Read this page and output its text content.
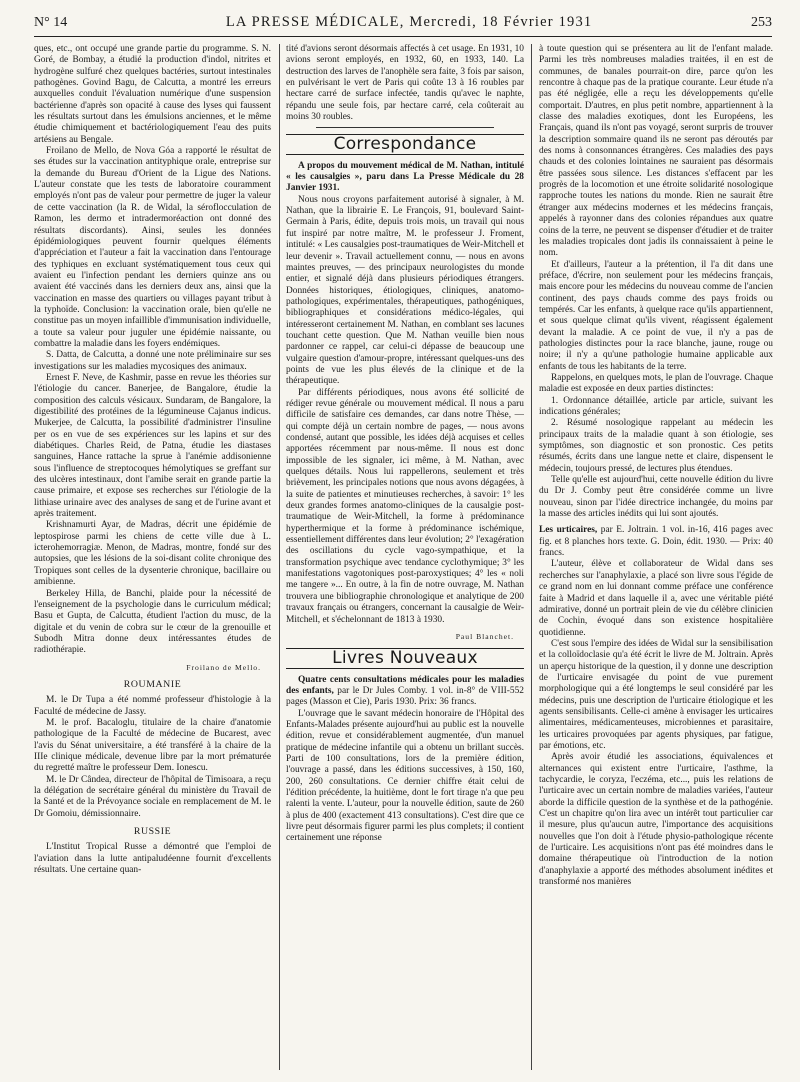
N° 14	LA PRESSE MÉDICALE, Mercredi, 18 Février 1931	253

ques, etc., ont occupé une grande partie du programme. S. N. Goré, de Bombay, a étudié la production d'indol, nitrites et hydrogène sulfuré chez quelques bactéries, surtout intestinales pathogènes. Govind Bagu, de Calcutta, a montré les erreurs auxquelles conduit l'évaluation numérique d'une suspension bactérienne d'après son opacité à cause des lyses qui faussent les résultats surtout dans les émulsions anciennes, et le même étudie chimiquement et bactériologiquement l'eau des puits artésiens au Bengale.

Froilano de Mello, de Nova Góa a rapporté le résultat de ses études sur la vaccination antityphique orale, entreprise sur la demande du Bureau d'Orient de la Ligue des Nations. L'auteur constate que les tests de laboratoire couramment employés n'ont pas de valeur pour permettre de juger la valeur de cette vaccination (la R. de Widal, la séroflocculation de Ramon, les dermo et intradermoréaction ont donné des résultats discordants). Ainsi, seules les données épidémiologiques peuvent fournir quelques éléments d'appréciation et l'auteur a fait la vaccination dans l'entourage des typhiques en excluant systématiquement tous ceux qui avaient eu l'infection pendant les derniers quinze ans ou avaient été vaccinés dans les derniers deux ans, ainsi que la vaccination en masse des quartiers ou villages payant tribut à la typhoïde. Conclusion: la vaccination orale, bien qu'elle ne constitue pas un moyen infaillible d'immunisation individuelle, a toute sa valeur pour juguler une épidémie naissante, ou combattre la maladie dans les foyers endémiques.

S. Datta, de Calcutta, a donné une note préliminaire sur ses investigations sur les maladies mycosiques des animaux.

Ernest F. Neve, de Kashmir, passe en revue les théories sur l'étiologie du cancer. Banerjee, de Bangalore, étudie la composition des calculs vésicaux. Sundaram, de Bangalore, la digestibilité des protéines de la légumineuse Cajanus indicus. Mukerjee, de Calcutta, la possibilité d'administrer l'insuline per os en vue de ses expériences sur les lapins et sur des diabétiques. Charles Reid, de Patna, étudie les diastases sanguines, Hance rattache la sprue à l'anémie addisonienne sous l'influence de streptocoques hémolytiques se greffant sur des ulcères intestinaux, dont l'amibe serait en grande partie la cause primaire, et expose ses recherches sur l'étiologie de la lithiase urinaire avec des analyses de sang et de l'urine avant et après traitement.

Krishnamurti Ayar, de Madras, décrit une épidémie de leptospirose parmi les chiens de cette ville due à L. icterohemorragiæ. Menon, de Madras, montre, fondé sur des autopsies, que les lésions de la soi-disant colite chronique des Tropiques sont celles de la dysenterie chronique, bacillaire ou amibienne.

Berkeley Hilla, de Banchi, plaide pour la nécessité de l'enseignement de la psychologie dans le curriculum médical; Basu et Gupta, de Calcutta, étudient l'action du musc, de la digitale et du venin de cobra sur le cœur de la grenouille et Subodh Mitra donne deux intéressantes études de radiothérapie.

Froilano de Mello.
ROUMANIE

M. le Dr Tupa a été nommé professeur d'histologie à la Faculté de médecine de Jassy.

M. le prof. Bacaloglu, titulaire de la chaire d'anatomie pathologique de la Faculté de médecine de Bucarest, avec l'avis du Sénat universitaire, a été transféré à la chaire de la IIIe clinique médicale, devenue libre par la mort prématurée du regretté maître le professeur Dem. Ionescu.

M. le Dr Cândea, directeur de l'hôpital de Timisoara, a reçu la délégation de secrétaire général du ministère du Travail de la Santé et de la Prévoyance sociale en remplacement de M. le Dr Gomoiu, démissionnaire.

RUSSIE

L'Institut Tropical Russe a démontré que l'emploi de l'aviation dans la lutte antipaludéenne fournit d'excellents résultats. Une certaine quan-

tité d'avions seront désormais affectés à cet usage. En 1931, 10 avions seront employés, en 1932, 60, en 1933, 140. La destruction des larves de l'anophèle sera faite, 3 fois par saison, en pulvérisant le vert de Paris qui coûte 13 à 16 roubles par hectare carré de surface infectée, tandis qu'avec le naphte, répandu une seule fois, par hectare carré, cela coûterait au moins 30 roubles.

Correspondance

A propos du mouvement médical de M. Nathan, intitulé « les causalgies », paru dans La Presse Médicale du 28 Janvier 1931.

Nous nous croyons parfaitement autorisé à signaler, à M. Nathan, que la librairie E. Le François, 91, boulevard Saint-Germain à Paris, édite, depuis trois mois, un travail qui nous fut inspiré par notre maître, M. le professeur J. Froment, intitulé: « Les causalgies post-traumatiques de Weir-Mitchell et leur devenir ». Travail actuellement connu, — nous en avons maintes preuves, — des principaux neurologistes du monde entier, et signalé déjà dans plusieurs périodiques étrangers. Données historiques, étiologiques, cliniques, anatomo-pathologiques, expérimentales, thérapeutiques, pathogéniques, bibliographiques et considérations médico-légales, qui intéresseront certainement M. Nathan, en comblant ses lacunes touchant cette question. Que M. Nathan veuille bien nous pardonner ce rappel, car celui-ci dépasse de beaucoup une vulgaire question d'amour-propre, intéressant quelques-uns des points de vue les plus élevés de la clinique et de la thérapeutique.

Par différents périodiques, nous avons été sollicité de rédiger revue générale ou mouvement médical. Il nous a paru difficile de satisfaire ces demandes, car dans notre Thèse, — qui compte déjà un certain nombre de pages, — nous avons condensé, autant que possible, les idées déjà acquises et celles apportées récemment par nous-même. Il nous est donc impossible de les signaler, ici même, à M. Nathan, avec quelques détails. Nous lui rappellerons, seulement et très brièvement, les principales notions que nous avons dégagées, à la suite de patientes et minutieuses recherches, à savoir: 1° les deux grandes formes anatomo-cliniques de la causalgie post-traumatique de Weir-Mitchell, la forme à prédominance hyperthermique et la forme à prédominance ischémique, essentiellement différentes dans leur évolution; 2° l'exagération des oscillations du cycle vago-sympathique, et la transformation psychique avec tendance cyclothymique; 3° les manifestations vagotoniques post-paroxystiques; 4° les « noli me tangere »... En outre, à la fin de notre ouvrage, M. Nathan trouvera une bibliographie chronologique et analytique de 200 travaux français ou étrangers, concernant la causalgie de Weir-Mitchell, et s'échelonnant de 1813 à 1930.

Paul Blanchet.
Livres Nouveaux

Quatre cents consultations médicales pour les maladies des enfants, par le Dr Jules Comby. 1 vol. in-8° de VIII-552 pages (Masson et Cie), Paris 1930. Prix: 36 francs.

L'ouvrage que le savant médecin honoraire de l'Hôpital des Enfants-Malades présente aujourd'hui au public est la nouvelle édition, revue et considérablement augmentée, d'un manuel pratique de médecine infantile qui a obtenu un brillant succès. Parti de 100 consultations, lors de la première édition, l'ouvrage a passé, dans les éditions successives, à 150, 160, 200, 260 consultations. Ce dernier chiffre était celui de l'édition précédente, la huitième, dont le fort tirage n'a que peu ralenti la vente. L'auteur, pour la nouvelle édition, saute de 260 à plus de 400 (exactement 413 consultations). C'est dire que ce livre peut désormais figurer parmi les plus complets; il contient certainement une réponse

à toute question qui se présentera au lit de l'enfant malade. Parmi les très nombreuses maladies traitées, il en est de communes, de banales pourrait-on dire, parce qu'on les rencontre à chaque pas de la pratique courante. Leur étude n'a pas été négligée, elle a reçu les développements qu'elle comportait. D'autres, en plus petit nombre, appartiennent à la classe des maladies exotiques, dont les Européens, les Français, quand ils n'ont pas voyagé, seront surpris de trouver la description sommaire quand ils ne seront pas déroutés par des noms à consonnances étrangères. Ces maladies des pays chauds et des colonies lointaines ne sauraient pas désormais être passées sous silence. Les distances s'effacent par les progrès de la locomotion et une étroite solidarité nosologique rapproche toutes les nations du monde. Rien ne saurait être étranger aux médecins modernes et les médecins français, appelés à rayonner dans des colonies répandues aux quatre coins de la terre, ne peuvent se dispenser d'étudier et de traiter les maladies tropicales dont jadis ils connaissaient à peine le nom.

Et d'ailleurs, l'auteur a la prétention, il l'a dit dans une préface, d'écrire, non seulement pour les médecins français, mais encore pour les médecins du nouveau comme de l'ancien continent, des pays chauds comme des pays froids ou tempérés. Car les enfants, à quelque race qu'ils appartiennent, et sous quelque climat qu'ils vivent, réagissent également devant la maladie. A ce point de vue, il n'y a pas de pathologies distinctes pour la race blanche, jaune, rouge ou noire; il n'y a qu'une pathologie humaine applicable aux enfants de tous les habitants de la terre.

Rappelons, en quelques mots, le plan de l'ouvrage. Chaque maladie est exposée en deux parties distinctes:

1. Ordonnance détaillée, article par article, suivant les indications générales;

2. Résumé nosologique rappelant au médecin les principaux traits de la maladie quant à son étiologie, ses symptômes, son diagnostic et son pronostic. Ces petits résumés, écrits dans une langue nette et claire, dispensent le médecin, toujours pressé, de lectures plus étendues.

Telle qu'elle est aujourd'hui, cette nouvelle édition du livre du Dr J. Comby peut être considérée comme un livre nouveau, sinon par l'idée directrice inchangée, du moins par la masse des articles inédits qui lui sont ajoutés.

Les urticaires, par E. Joltrain. 1 vol. in-16, 416 pages avec fig. et 8 planches hors texte. G. Doin, édit. 1930. — Prix: 40 francs.

L'auteur, élève et collaborateur de Widal dans ses recherches sur l'anaphylaxie, a placé son livre sous l'égide de ce grand nom en lui donnant comme préface une conférence faite à Madrid et dans laquelle il a, avec une véritable piété admirative, donné un portrait plein de vie du célèbre clinicien de Cochin, évoqué dans son existence hospitalière quotidienne.

C'est sous l'empire des idées de Widal sur la sensibilisation et la colloïdoclasie qu'a été écrit le livre de M. Joltrain. Après un aperçu historique de la question, il y donne une description de l'urticaire envisagée du point de vue purement morphologique qui a été longtemps le seul considéré par les médecins, puis une description de l'urticaire étiologique et les agents sensibilisants. Celle-ci amène à envisager les urticaires alimentaires, médicamenteuses, microbiennes et parasitaire, les urticaires provoquées par agents physiques, par fatigue, par émotions, etc.

Après avoir étudié les associations, équivalences et alternances qui existent entre l'urticaire, l'asthme, la tachycardie, le coryza, l'eczéma, etc..., puis les relations de l'urticaire avec un certain nombre de maladies variées, l'auteur aborde la difficile question de la synthèse et de la pathogénie. C'est un chapitre qu'on lira avec un intérêt tout particulier car il mesure, plus qu'aucun autre, l'importance des acquisitions nouvelles que l'on doit à l'étude physio-pathologique récente de l'urticaire. Les acquisitions n'ont pas été moindres dans le domaine thérapeutique où l'introduction de la notion d'anaphylaxie a apporté des méthodes absolument inédites et transformé nos manières
